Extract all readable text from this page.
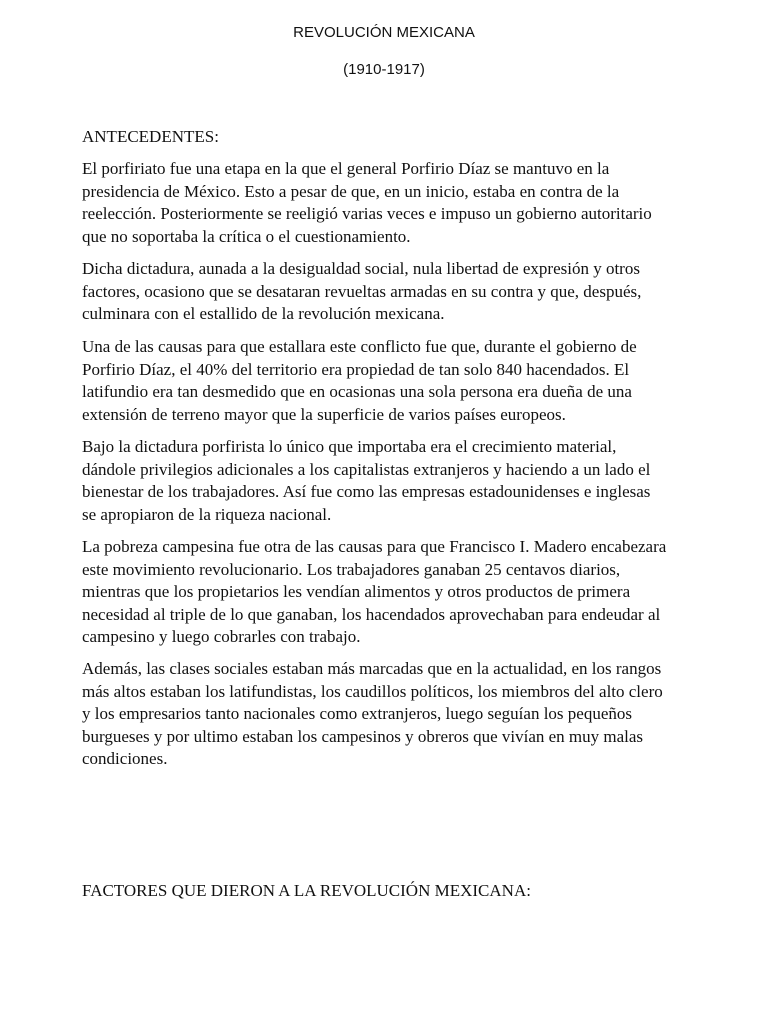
REVOLUCIÓN MEXICANA
(1910-1917)
ANTECEDENTES:
El porfiriato fue una etapa en la que el general Porfirio Díaz se mantuvo en la
presidencia de México. Esto a pesar de que, en un inicio, estaba en contra de la
reelección. Posteriormente se reeligió varias veces e impuso un gobierno autoritario
que no soportaba la crítica o el cuestionamiento.
Dicha dictadura, aunada a la desigualdad social, nula libertad de expresión y otros
factores, ocasiono que se desataran revueltas armadas en su contra y que, después,
culminara con el estallido de la revolución mexicana.
Una de las causas para que estallara este conflicto fue que, durante el gobierno de
Porfirio Díaz, el 40% del territorio era propiedad de tan solo 840 hacendados. El
latifundio era tan desmedido que en ocasionas una sola persona era dueña de una
extensión de terreno mayor que la superficie de varios países europeos.
Bajo la dictadura porfirista lo único que importaba era el crecimiento material,
dándole privilegios adicionales a los capitalistas extranjeros y haciendo a un lado el
bienestar de los trabajadores. Así fue como las empresas estadounidenses e inglesas
se apropiaron de la riqueza nacional.
La pobreza campesina fue otra de las causas para que Francisco I. Madero encabezara
este movimiento revolucionario. Los trabajadores ganaban 25 centavos diarios,
mientras que los propietarios les vendían alimentos y otros productos de primera
necesidad al triple de lo que ganaban, los hacendados aprovechaban para endeudar al
campesino y luego cobrarles con trabajo.
Además, las clases sociales estaban más marcadas que en la actualidad, en los rangos
más altos estaban los latifundistas, los caudillos políticos, los miembros del alto clero
y los empresarios tanto nacionales como extranjeros, luego seguían los pequeños
burgueses y por ultimo estaban los campesinos y obreros que vivían en muy malas
condiciones.
FACTORES QUE DIERON A LA REVOLUCIÓN MEXICANA:
